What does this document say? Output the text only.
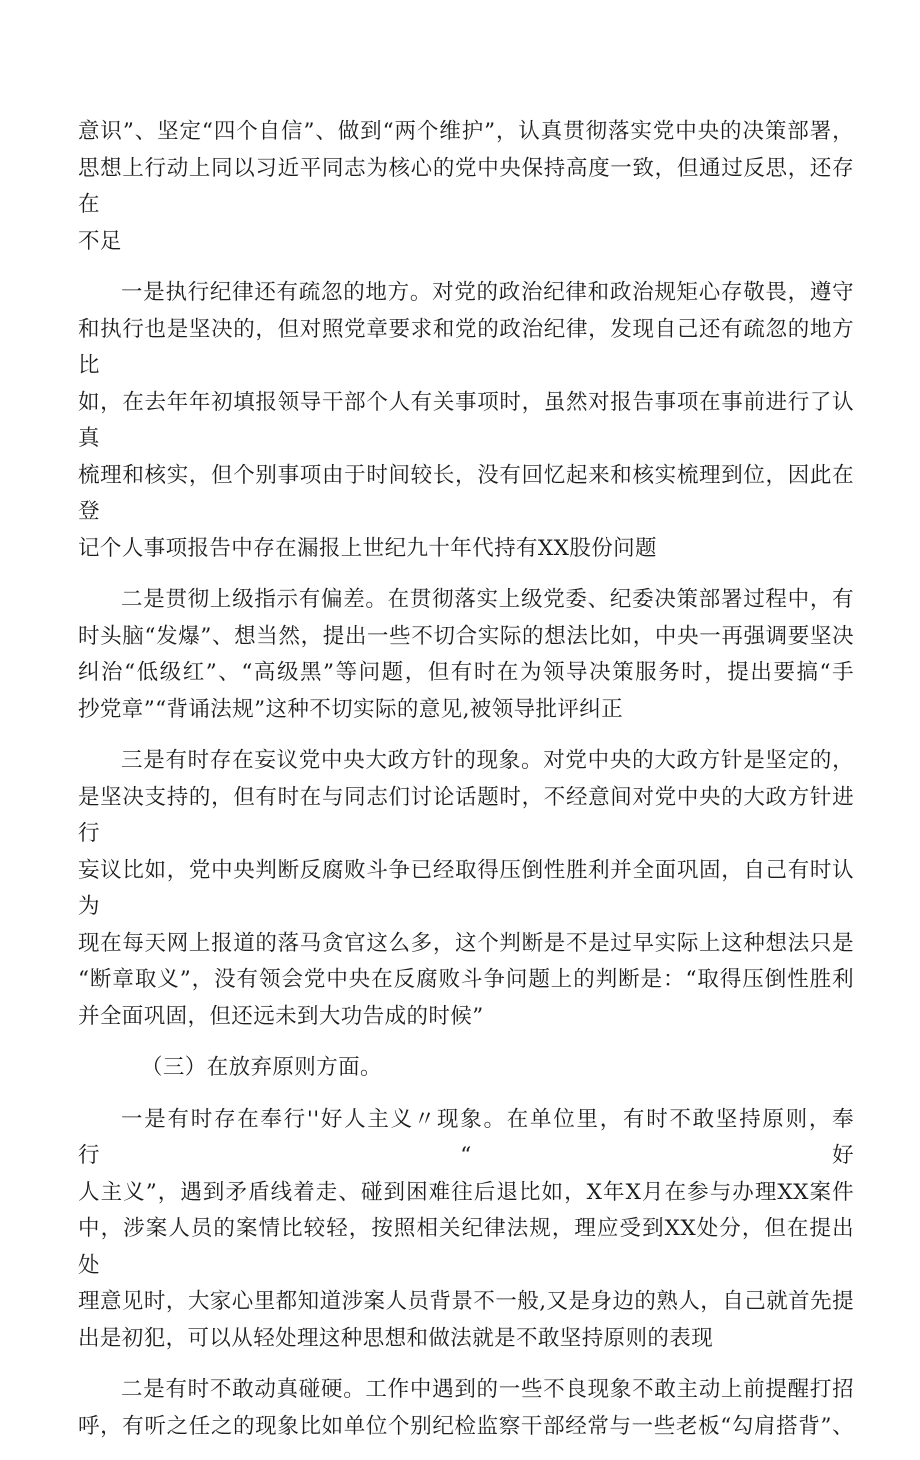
意识”、坚定“四个自信”、做到“两个维护”，认真贯彻落实党中央的决策部署，
思想上行动上同以习近平同志为核心的党中央保持高度一致，但通过反思，还存在
不足
一是执行纪律还有疏忽的地方。对党的政治纪律和政治规矩心存敬畏，遵守
和执行也是坚决的，但对照党章要求和党的政治纪律，发现自己还有疏忽的地方比
如，在去年年初填报领导干部个人有关事项时，虽然对报告事项在事前进行了认真
梳理和核实，但个别事项由于时间较长，没有回忆起来和核实梳理到位，因此在登
记个人事项报告中存在漏报上世纪九十年代持有XX股份问题
二是贯彻上级指示有偏差。在贯彻落实上级党委、纪委决策部署过程中，有
时头脑“发爆”、想当然，提出一些不切合实际的想法比如，中央一再强调要坚决
纠治“低级红”、“高级黑”等问题，但有时在为领导决策服务时，提出要搞“手
抄党章”“背诵法规”这种不切实际的意见,被领导批评纠正
三是有时存在妄议党中央大政方针的现象。对党中央的大政方针是坚定的，
是坚决支持的，但有时在与同志们讨论话题时，不经意间对党中央的大政方针进行
妄议比如，党中央判断反腐败斗争已经取得压倒性胜利并全面巩固，自己有时认为
现在每天网上报道的落马贪官这么多，这个判断是不是过早实际上这种想法只是
“断章取义”，没有领会党中央在反腐败斗争问题上的判断是：“取得压倒性胜利
并全面巩固，但还远未到大功告成的时候”
（三）在放弃原则方面。
一是有时存在奉行''好人主义〃现象。在单位里，有时不敢坚持原则，奉行“好
人主义”，遇到矛盾线着走、碰到困难往后退比如，X年X月在参与办理XX案件
中，涉案人员的案情比较轻，按照相关纪律法规，理应受到XX处分，但在提出处
理意见时，大家心里都知道涉案人员背景不一般,又是身边的熟人，自己就首先提
出是初犯，可以从轻处理这种思想和做法就是不敢坚持原则的表现
二是有时不敢动真碰硬。工作中遇到的一些不良现象不敢主动上前提醒打招
呼，有听之任之的现象比如单位个别纪检监察干部经常与一些老板“勾肩搭背”、
